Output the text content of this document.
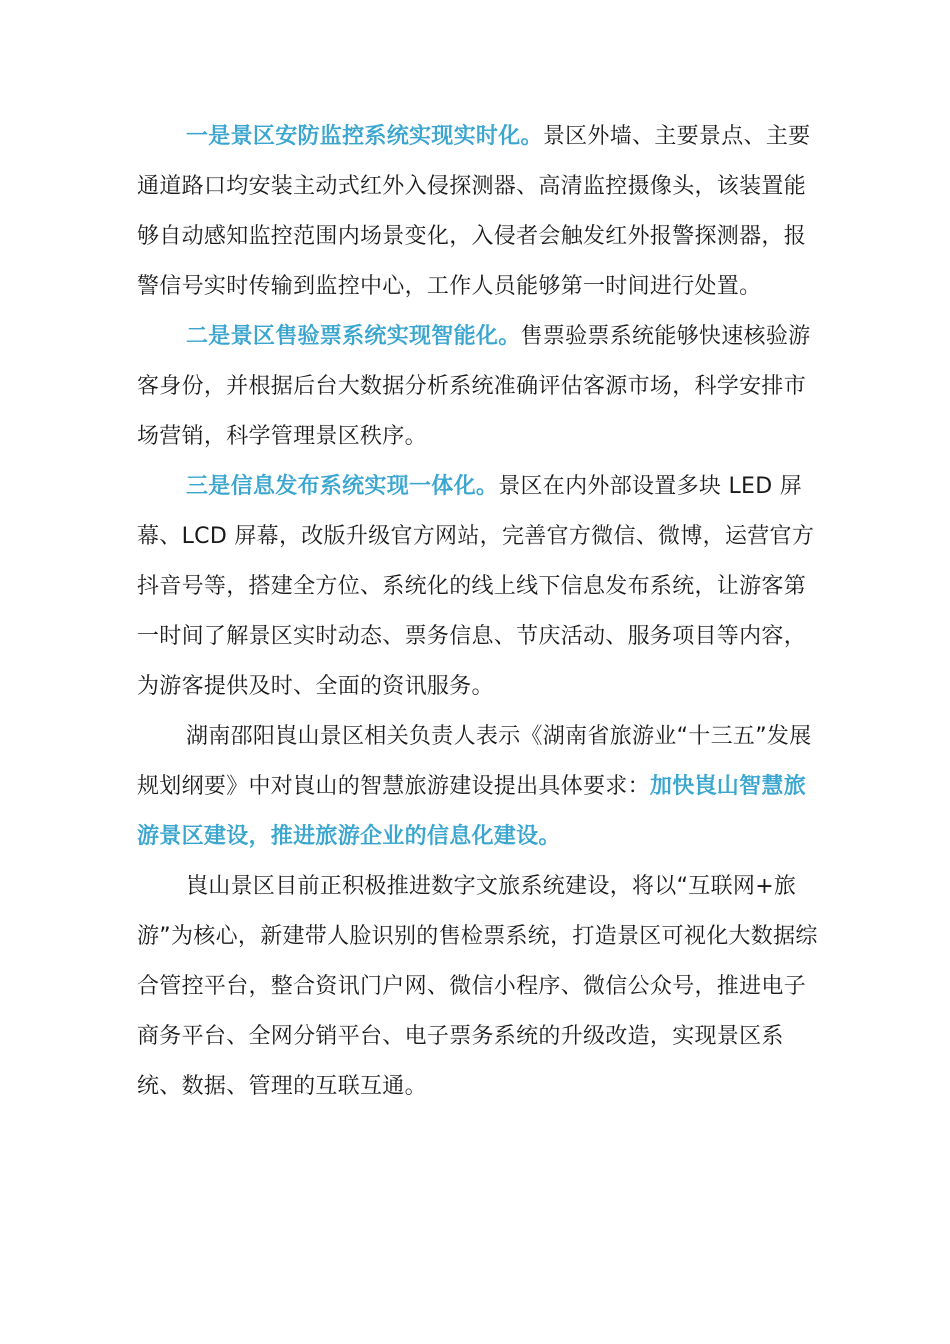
一是景区安防监控系统实现实时化。景区外墙、主要景点、主要通道路口均安装主动式红外入侵探测器、高清监控摄像头，该装置能够自动感知监控范围内场景变化，入侵者会触发红外报警探测器，报警信号实时传输到监控中心，工作人员能够第一时间进行处置。

二是景区售验票系统实现智能化。售票验票系统能够快速核验游客身份，并根据后台大数据分析系统准确评估客源市场，科学安排市场营销，科学管理景区秩序。

三是信息发布系统实现一体化。景区在内外部设置多块 LED 屏幕、LCD 屏幕，改版升级官方网站，完善官方微信、微博，运营官方抖音号等，搭建全方位、系统化的线上线下信息发布系统，让游客第一时间了解景区实时动态、票务信息、节庆活动、服务项目等内容，为游客提供及时、全面的资讯服务。

湖南邵阳崀山景区相关负责人表示《湖南省旅游业“十三五”发展规划纲要》中对崀山的智慧旅游建设提出具体要求：加快崀山智慧旅游景区建设，推进旅游企业的信息化建设。

崀山景区目前正积极推进数字文旅系统建设，将以“互联网+旅游”为核心，新建带人脸识别的售检票系统，打造景区可视化大数据综合管控平台，整合资讯门户网、微信小程序、微信公众号，推进电子商务平台、全网分销平台、电子票务系统的升级改造，实现景区系统、数据、管理的互联互通。
